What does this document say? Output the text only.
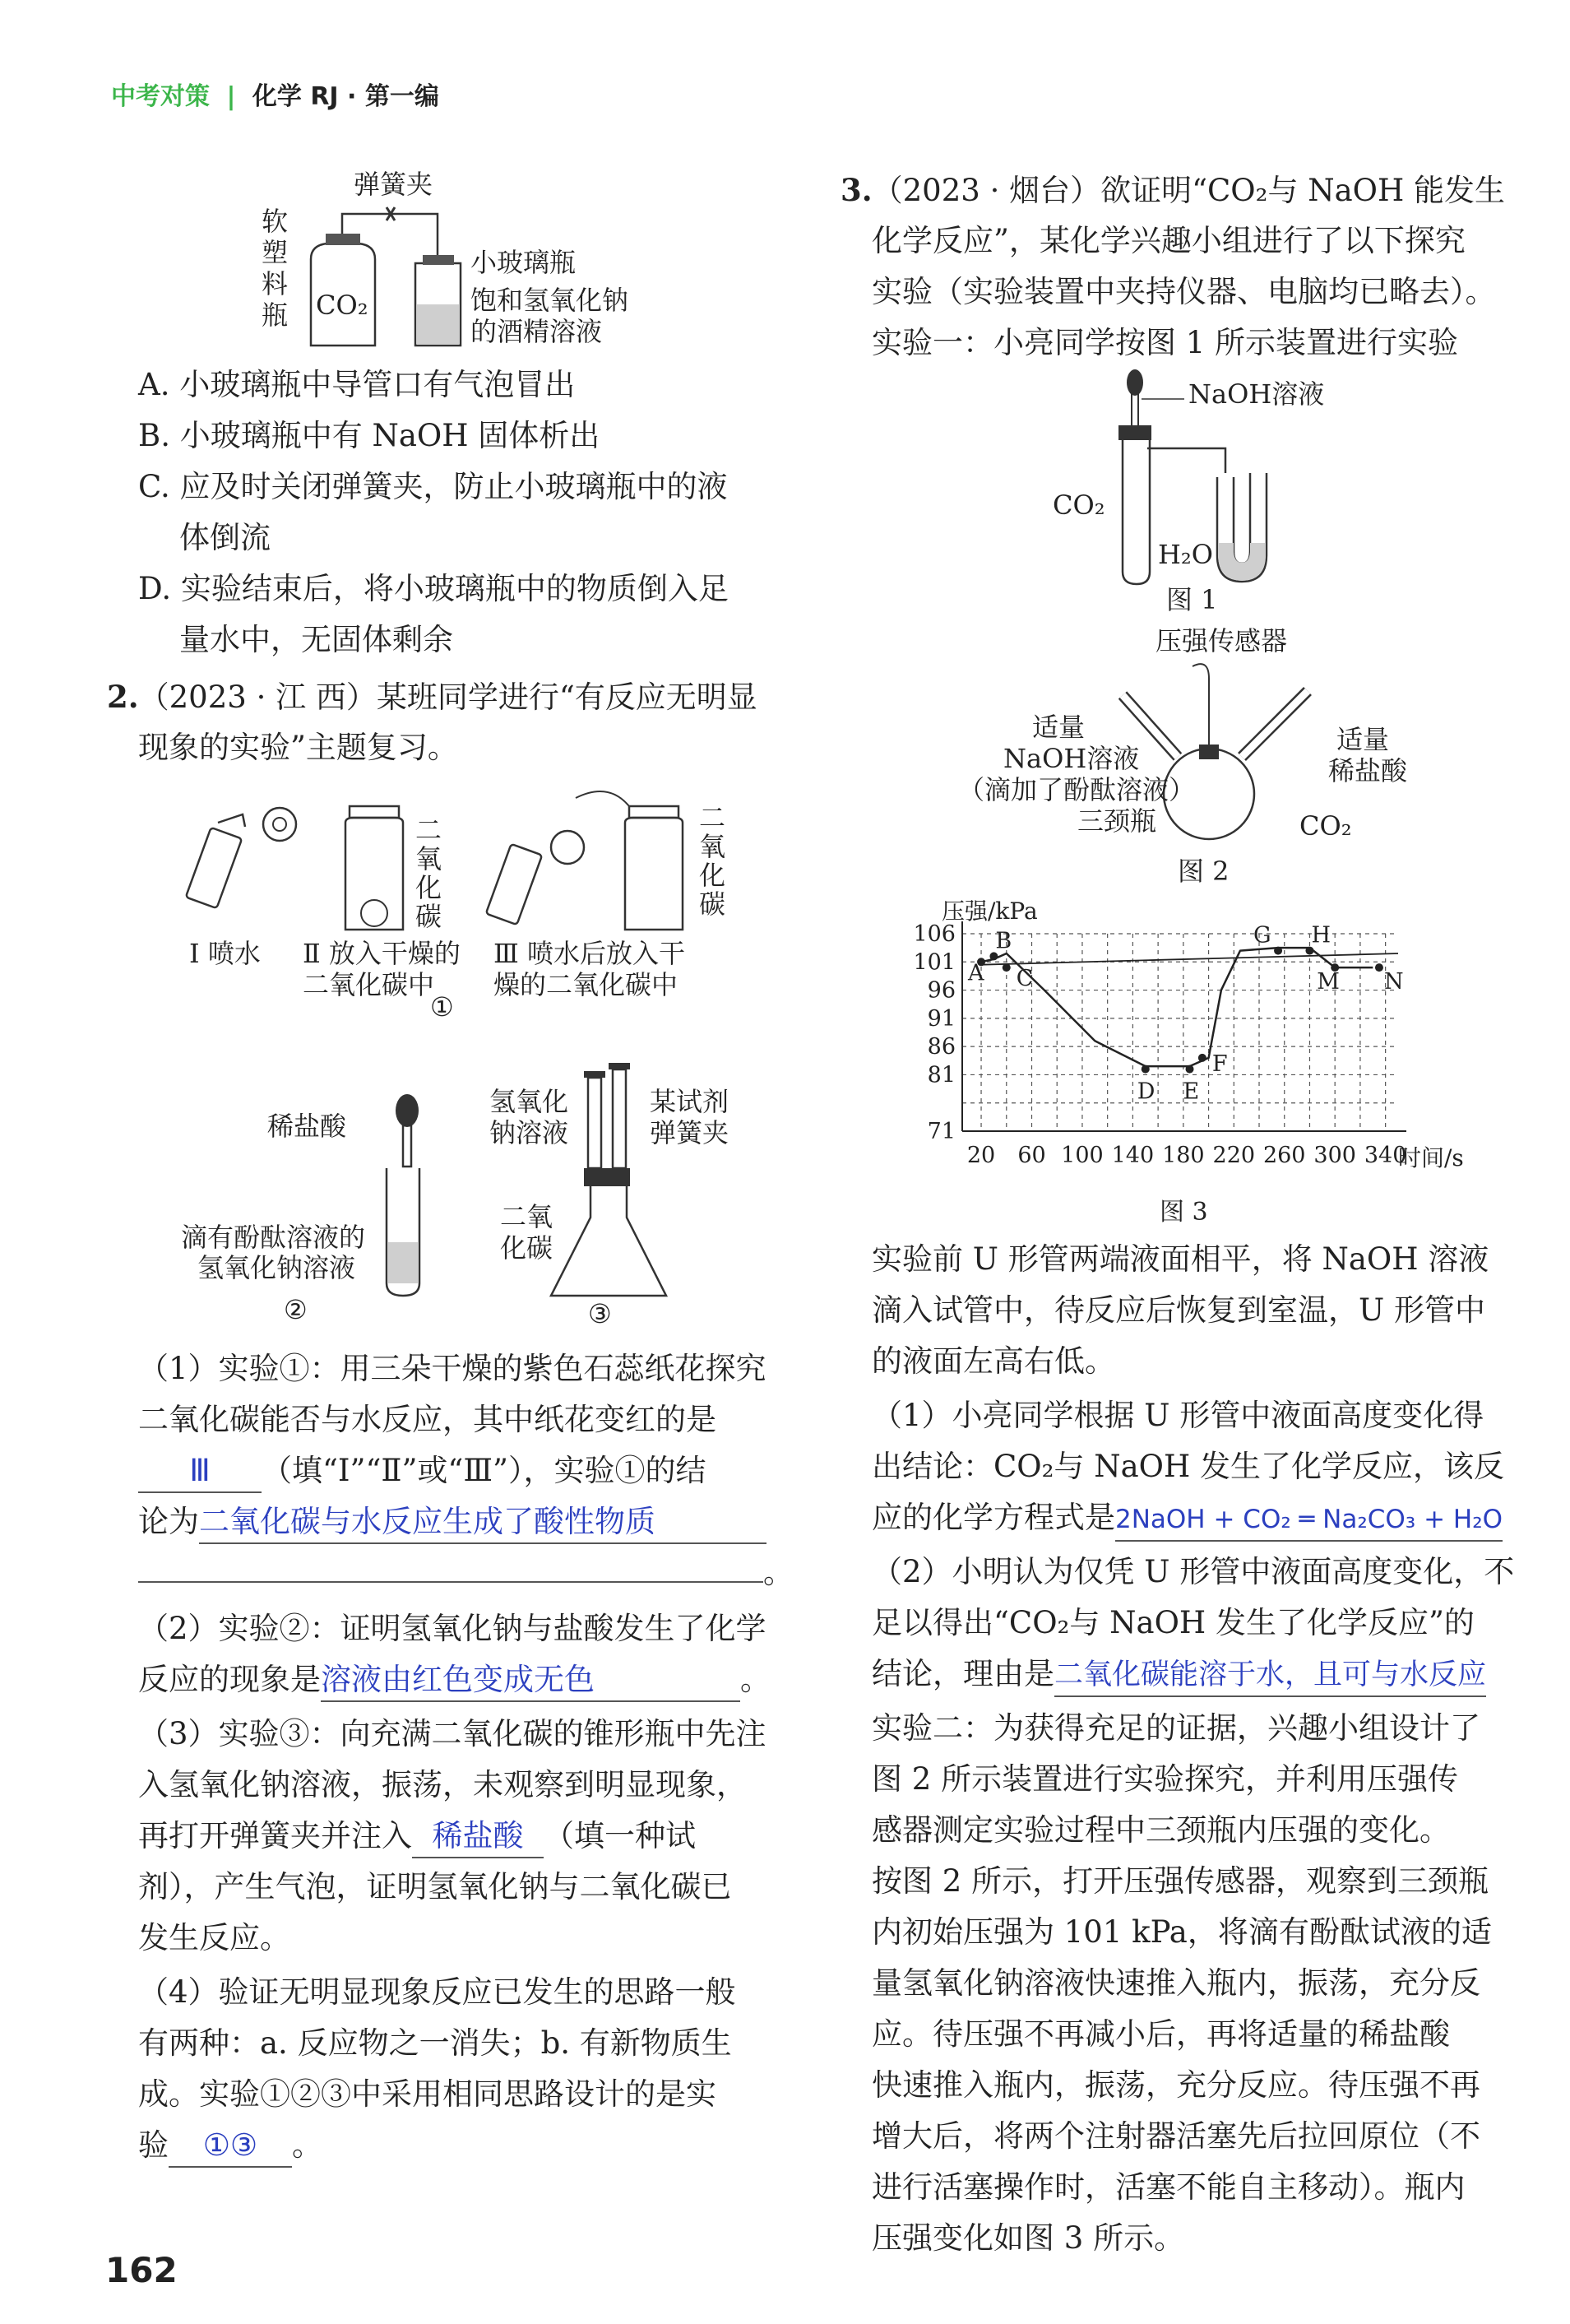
中考对策 | 化学 RJ · 第一编
弹簧夹
软
塑
料
瓶 CO₂
小玻璃瓶
饱和氢氧化钠
的酒精溶液
A. 小玻璃瓶中导管口有气泡冒出
B. 小玻璃瓶中有 NaOH 固体析出
C. 应及时关闭弹簧夹，防止小玻璃瓶中的液
体倒流
D. 实验结束后，将小玻璃瓶中的物质倒入足
量水中，无固体剩余
2.（2023 · 江 西）某班同学进行“有反应无明显
现象的实验”主题复习。
Ⅰ 喷水
二
氧
化
碳
Ⅱ 放入干燥的
二氧化碳中
二
氧
化
碳
Ⅲ 喷水后放入干
燥的二氧化碳中
①
稀盐酸
滴有酚酞溶液的
氢氧化钠溶液
②
氢氧化
钠溶液
某试剂
弹簧夹
二氧
化碳
③
（1）实验①：用三朵干燥的紫色石蕊纸花探究
二氧化碳能否与水反应，其中纸花变红的是
Ⅲ （填“Ⅰ”“Ⅱ”或“Ⅲ”），实验①的结
论为二氧化碳与水反应生成了酸性物质
。
（2）实验②：证明氢氧化钠与盐酸发生了化学
反应的现象是溶液由红色变成无色	。
（3）实验③：向充满二氧化碳的锥形瓶中先注
入氢氧化钠溶液，振荡，未观察到明显现象，
再打开弹簧夹并注入 稀盐酸 （填一种试
剂），产生气泡，证明氢氧化钠与二氧化碳已
发生反应。
（4）验证无明显现象反应已发生的思路一般
有两种：a. 反应物之一消失；b. 有新物质生
成。实验①②③中采用相同思路设计的是实
验 ①③ 。
162
3.（2023 · 烟台）欲证明“CO₂与 NaOH 能发生
化学反应”，某化学兴趣小组进行了以下探究
实验（实验装置中夹持仪器、电脑均已略去）。
实验一：小亮同学按图 1 所示装置进行实验
NaOH溶液
CO₂
H₂O
图 1
压强传感器
适量
NaOH溶液
（滴加了酚酞溶液）
三颈瓶
适量
稀盐酸
CO₂
图 2
压强/kPa
106
101
96
91
86
81
71
20 60 100 140 180 220 260 300 340
A
B
C
D E
F
G H
M N
时间/s
图 3
实验前 U 形管两端液面相平，将 NaOH 溶液
滴入试管中，待反应后恢复到室温，U 形管中
的液面左高右低。
（1）小亮同学根据 U 形管中液面高度变化得
出结论：CO₂与 NaOH 发生了化学反应，该反
应的化学方程式是2NaOH + CO₂ ═ Na₂CO₃ + H₂O
（2）小明认为仅凭 U 形管中液面高度变化，不
足以得出“CO₂与 NaOH 发生了化学反应”的
结论，理由是二氧化碳能溶于水，且可与水反应
实验二：为获得充足的证据，兴趣小组设计了
图 2 所示装置进行实验探究，并利用压强传
感器测定实验过程中三颈瓶内压强的变化。
按图 2 所示，打开压强传感器，观察到三颈瓶
内初始压强为 101 kPa，将滴有酚酞试液的适
量氢氧化钠溶液快速推入瓶内，振荡，充分反
应。待压强不再减小后，再将适量的稀盐酸
快速推入瓶内，振荡，充分反应。待压强不再
增大后，将两个注射器活塞先后拉回原位（不
进行活塞操作时，活塞不能自主移动）。瓶内
压强变化如图 3 所示。
